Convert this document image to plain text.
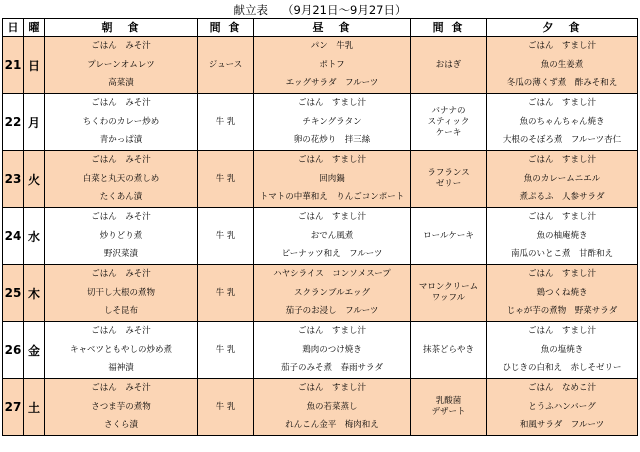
献立表 （9月21日～9月27日）
日	曜	朝　食	間 食	昼　食	間 食	夕　食
21	日	ごはん　みそ汁
プレーンオムレツ
高菜漬	ジュース	パン　牛乳
ポトフ
エッグサラダ　フルーツ	おはぎ	ごはん　すまし汁
魚の生姜煮
冬瓜の薄くず煮　酢みそ和え

22	月	ごはん　みそ汁
ちくわのカレー炒め
青かっぱ漬	牛 乳	ごはん　すまし汁
チキングラタン
卵の花炒り　拌三絲	バナナの
スティック
ケーキ	ごはん　すまし汁
魚のちゃんちゃん焼き
大根のそぼろ煮　フルーツ杏仁

23	火	ごはん　みそ汁
白菜と丸天の煮しめ
たくあん漬	牛 乳	ごはん　すまし汁
回肉鍋
トマトの中華和え　りんごコンポート	ラフランス
ゼリー	ごはん　すまし汁
魚のカレームニエル
煮ぷるふ　人参サラダ

24	水	ごはん　みそ汁
炒りどり煮
野沢菜漬	牛 乳	ごはん　すまし汁
おでん風煮
ピーナッツ和え　フルーツ	ロールケーキ	ごはん　すまし汁
魚の柚庵焼き
南瓜のいとこ煮　甘酢和え

25	木	ごはん　みそ汁
切干し大根の煮物
しそ昆布	牛 乳	ハヤシライス　コンソメスープ
スクランブルエッグ
茄子のお浸し　フルーツ	マロンクリーム
ワッフル	ごはん　すまし汁
鶏つくね焼き
じゃが芋の煮物　野菜サラダ

26	金	ごはん　みそ汁
キャベツともやしの炒め煮
福神漬	牛 乳	ごはん　すまし汁
鶏肉のつけ焼き
茄子のみそ煮　春雨サラダ	抹茶どらやき	ごはん　すまし汁
魚の塩焼き
ひじきの白和え　赤しそゼリー

27	土	ごはん　みそ汁
さつま芋の煮物
さくら漬	牛 乳	ごはん　すまし汁
魚の若菜蒸し
れんこん金平　梅肉和え	乳酸菌
デザート	ごはん　なめこ汁
とうふハンバーグ
和風サラダ　フルーツ
